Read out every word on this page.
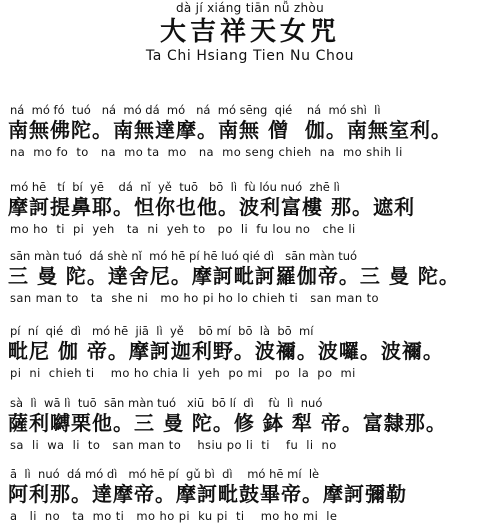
dà jí xiáng tiān nǚ zhòu
大吉祥天女咒
Ta Chi Hsiang Tien Nu Chou
ná  mó fó  tuó   ná  mó dá  mó   ná  mó sēng  qié    ná  mó shì  lì
南無佛陀。南無達摩。南無 僧  伽。南無室利。
na  mo fo  to   na  mo ta  mo   na  mo seng chieh  na  mo shih li
mó hē   tí  bí  yē    dá  nǐ  yě  tuō   bō  lì  fù lóu nuó  zhē lì
摩訶提鼻耶。怛你也他。波利富樓 那。遮利
mo ho  ti  pi  yeh   ta  ni  yeh to   po  li  fu lou no   che li
sān màn tuó  dá shè nǐ  mó hē pí hē luó qié dì   sān màn tuó
三 曼 陀。達舍尼。摩訶毗訶羅伽帝。三 曼 陀。
san man to   ta  she ni   mo ho pi ho lo chieh ti   san man to
pí  ní  qié  dì   mó hē  jiā  lì  yě    bō mí  bō  là  bō  mí
毗尼 伽 帝。摩訶迦利野。波禰。波囉。波禰。
pi  ni  chieh ti    mo ho chia li  yeh  po mi   po  la  po  mi
sà  lì  wā lì  tuō  sān màn tuó   xiū  bō lí  dì    fù  lì  nuó
薩利嚩栗他。三 曼 陀。修 鉢 犁 帝。富隸那。
sa  li  wa  li  to   san man to    hsiu po li  ti    fu  li  no
ā  lì  nuó  dá mó dì   mó hē pí  gǔ bì  dì    mó hē mí  lè
阿利那。達摩帝。摩訶毗鼓畢帝。摩訶彌勒
a   li  no   ta  mo ti   mo ho pi  ku pi  ti    mo ho mi  le
